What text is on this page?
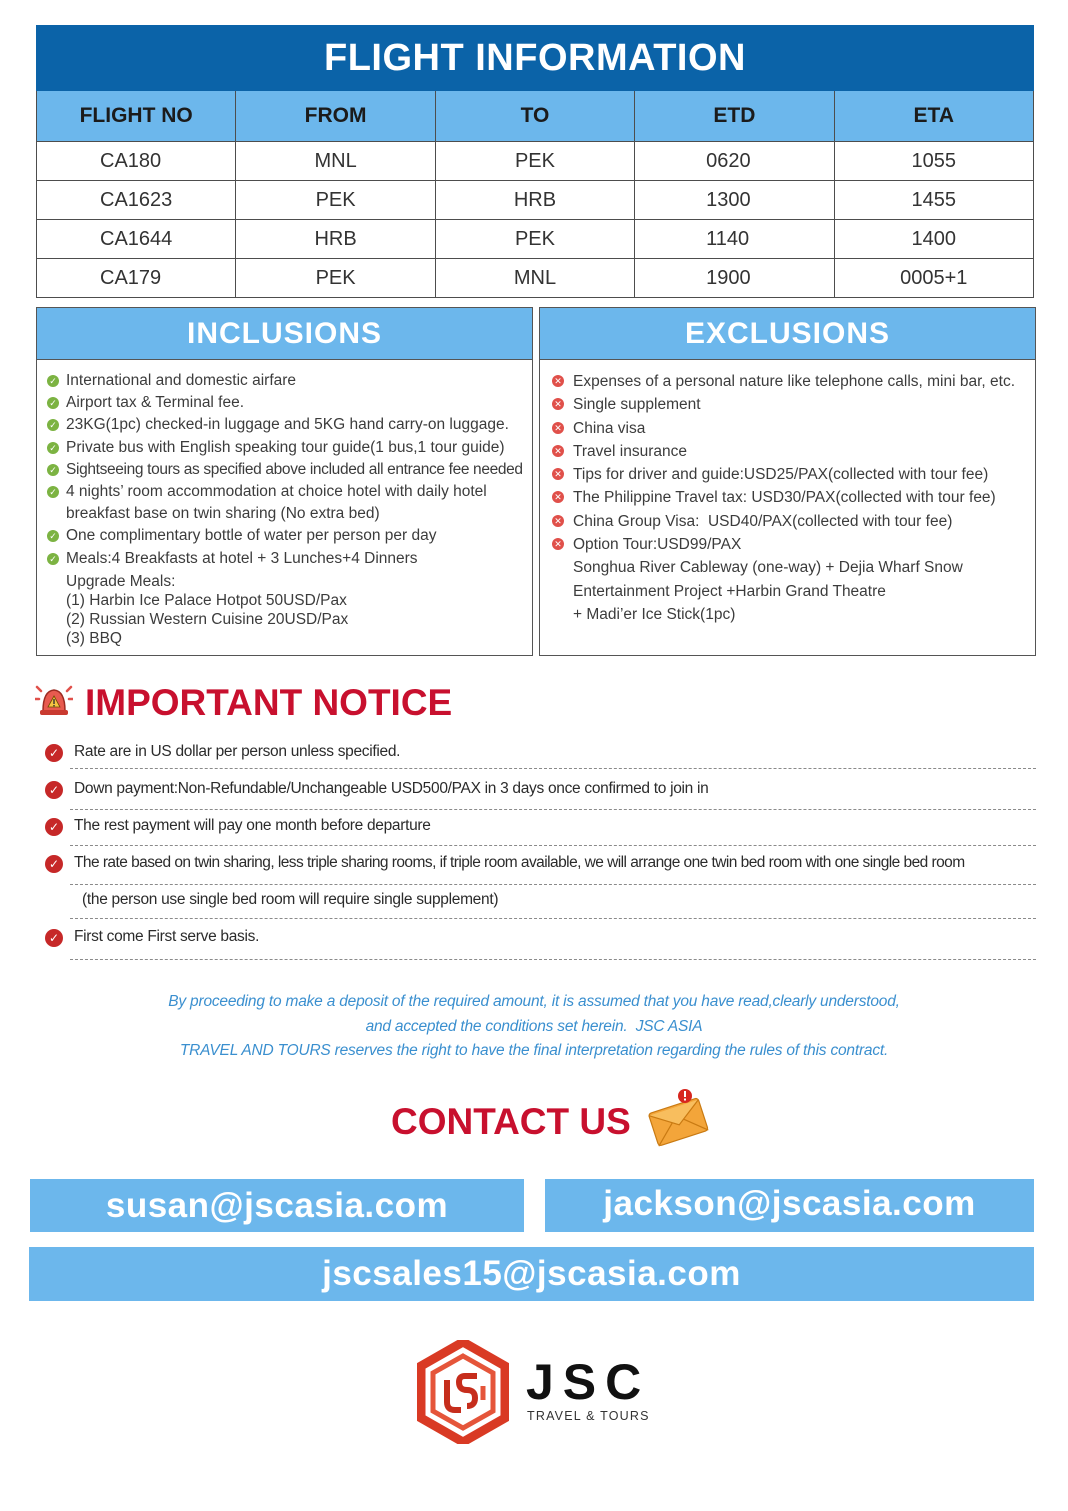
FLIGHT INFORMATION
FLIGHT NO	FROM	TO	ETD	ETA
CA180	MNL	PEK	0620	1055
CA1623	PEK	HRB	1300	1455
CA1644	HRB	PEK	1140	1400
CA179	PEK	MNL	1900	0005+1
INCLUSIONS
✓ International and domestic airfare
✓ Airport tax & Terminal fee.
✓ 23KG(1pc) checked-in luggage and 5KG hand carry-on luggage.
✓ Private bus with English speaking tour guide(1 bus,1 tour guide)
✓ Sightseeing tours as specified above included all entrance fee needed
✓ 4 nights’ room accommodation at choice hotel with daily hotel breakfast base on twin sharing (No extra bed)
✓ One complimentary bottle of water per person per day
✓ Meals:4 Breakfasts at hotel + 3 Lunches+4 Dinners
Upgrade Meals:
(1) Harbin Ice Palace Hotpot 50USD/Pax
(2) Russian Western Cuisine 20USD/Pax
(3) BBQ
EXCLUSIONS
✕ Expenses of a personal nature like telephone calls, mini bar, etc.
✕ Single supplement
✕ China visa
✕ Travel insurance
✕ Tips for driver and guide:USD25/PAX(collected with tour fee)
✕ The Philippine Travel tax: USD30/PAX(collected with tour fee)
✕ China Group Visa:  USD40/PAX(collected with tour fee)
✕ Option Tour:USD99/PAX
Songhua River Cableway (one-way) + Dejia Wharf Snow
Entertainment Project +Harbin Grand Theatre
+ Madi’er Ice Stick(1pc)
IMPORTANT NOTICE
✓ Rate are in US dollar per person unless specified.
✓ Down payment:Non-Refundable/Unchangeable USD500/PAX in 3 days once confirmed to join in
✓ The rest payment will pay one month before departure
✓ The rate based on twin sharing, less triple sharing rooms, if triple room available, we will arrange one twin bed room with one single bed room
(the person use single bed room will require single supplement)
✓ First come First serve basis.
By proceeding to make a deposit of the required amount, it is assumed that you have read,clearly understood,
and accepted the conditions set herein.  JSC ASIA
TRAVEL AND TOURS reserves the right to have the final interpretation regarding the rules of this contract.
CONTACT US
susan@jscasia.com	jackson@jscasia.com
jscsales15@jscasia.com
JSC
TRAVEL & TOURS
